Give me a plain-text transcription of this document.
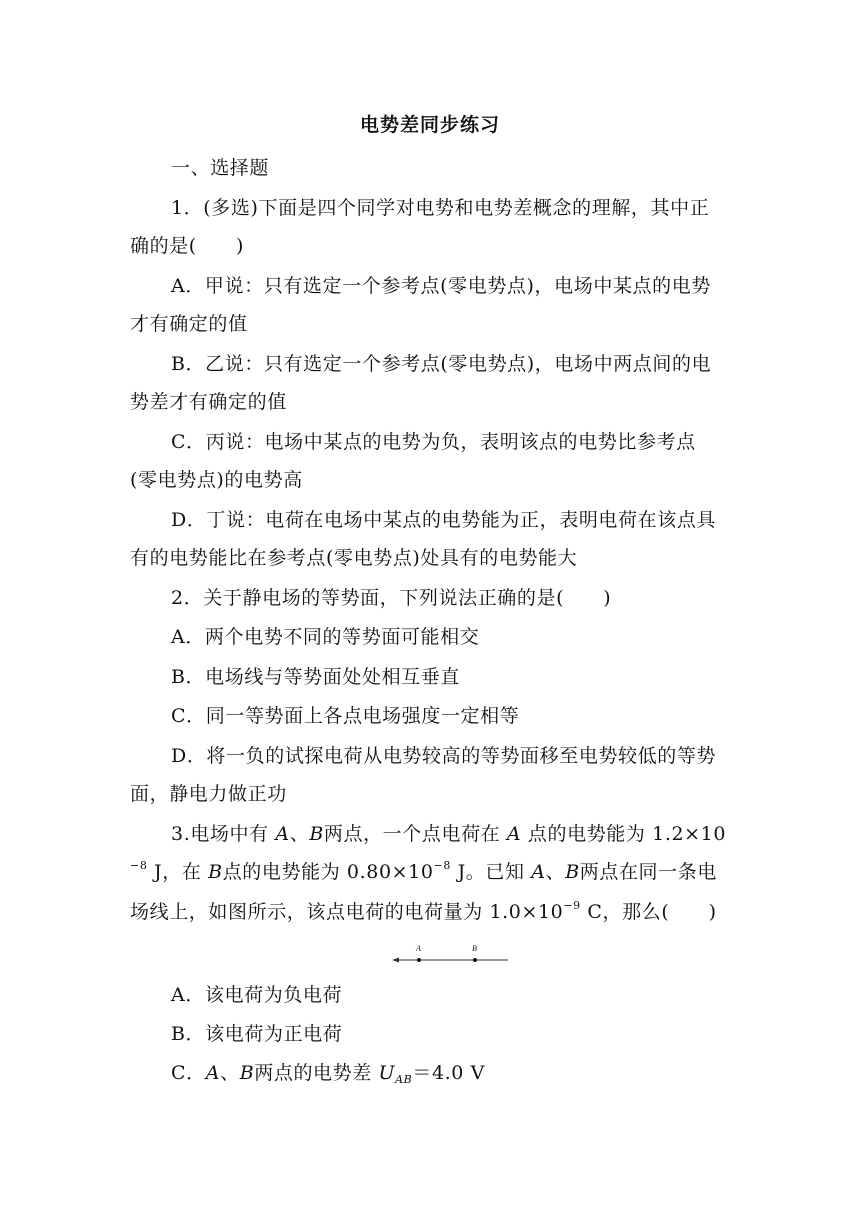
电势差同步练习
一、选择题
1．(多选)下面是四个同学对电势和电势差概念的理解，其中正
确的是(　　)
A．甲说：只有选定一个参考点(零电势点)，电场中某点的电势
才有确定的值
B．乙说：只有选定一个参考点(零电势点)，电场中两点间的电
势差才有确定的值
C．丙说：电场中某点的电势为负，表明该点的电势比参考点
(零电势点)的电势高
D．丁说：电荷在电场中某点的电势能为正，表明电荷在该点具
有的电势能比在参考点(零电势点)处具有的电势能大
2．关于静电场的等势面，下列说法正确的是(　　)
A．两个电势不同的等势面可能相交
B．电场线与等势面处处相互垂直
C．同一等势面上各点电场强度一定相等
D．将一负的试探电荷从电势较高的等势面移至电势较低的等势
面，静电力做正功
3.电场中有 A、B两点，一个点电荷在 A 点的电势能为 1.2×10
$^{-8}$ J，在 B点的电势能为 $0.80\times 10^{-8}$ J。已知 A、B两点在同一条电
场线上，如图所示，该点电荷的电荷量为 $1.0\times 10^{-9}$ C，那么(　　)
A	B
A．该电荷为负电荷
B．该电荷为正电荷
C．A、B两点的电势差 $U_{AB}=4.0$ V
